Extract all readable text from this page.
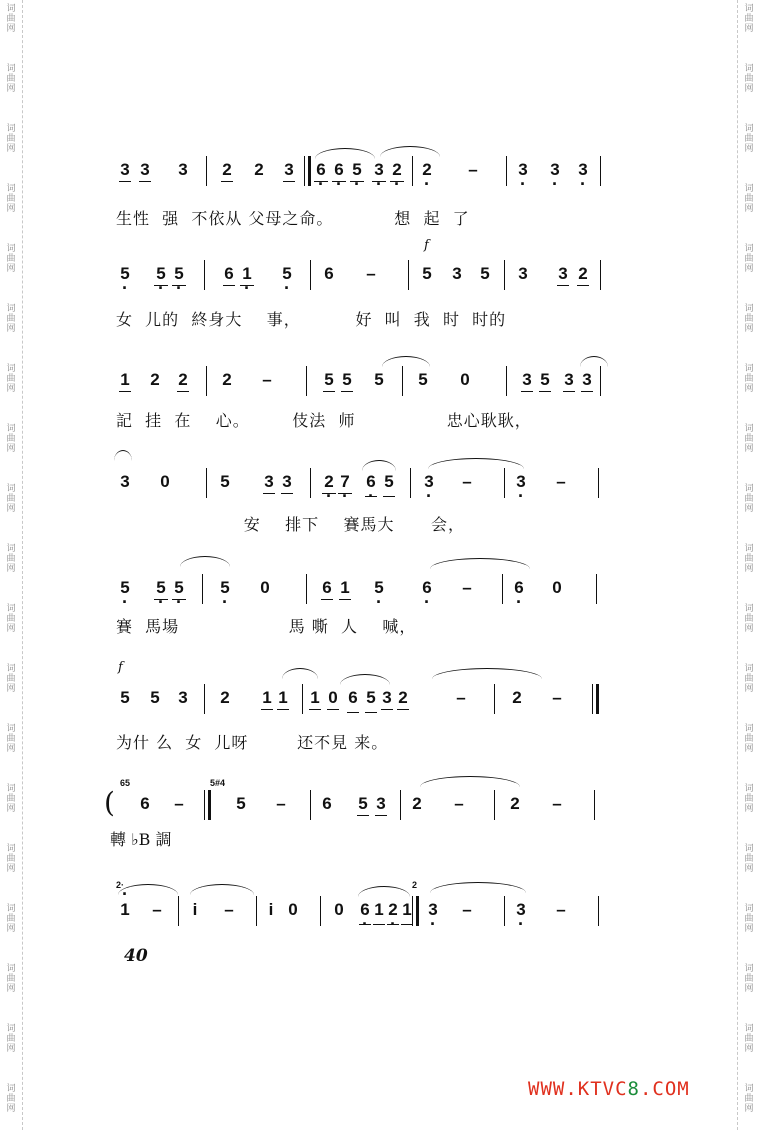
词
曲
网
词
曲
网
词
曲
网
词
曲
网
词
曲
网
词
曲
网
词
曲
网
词
曲
网
词
曲
网
词
曲
网
词
曲
网
词
曲
网
词
曲
网
词
曲
网
词
曲
网
词
曲
网
词
曲
网
词
曲
网
词
曲
网
词
曲
网
词
曲
网
词
曲
网
词
曲
网
词
曲
网
词
曲
网
词
曲
网
词
曲
网
词
曲
网
词
曲
网
词
曲
网
词
曲
网
词
曲
网
词
曲
网
词
曲
网
词
曲
网
词
曲
网
词
曲
网
词
曲
网
3 3 3 2 2 3 6 · 6 · 5 · 3 · 2 · 2 · – 3 · 3 · 3 ·
生性  强  不依从 父母之命。          想  起  了
f
5 · 5 · 5 · 6 1 · 5 · 6 –	5 3 5 3 3 2
女  儿的  終身大    事，         好  叫  我  时  时的
1 2 2 2 –	5 5 5 5 0	3 5 3 3
記  挂  在    心。       伎法  师               忠心耿耿，
3 0	5 3 3 2 · 7 · 6 · 5 3 · –	3 · –
安    排下    賽馬大      会，
5 · 5 · 5 · 5 · 0	6 1 5 · 6 · –	6 · 0
賽  馬場                  馬 嘶  人    喊，
f
5 5 3 2 1 1 1 0 6 5 3 2	–	2 –
为什 么  女  儿呀        还不見 来。
(
65	5#4
6 –	5 – 6 5 3 2 –	2 –
轉 ♭B 調
2·	2
· 1 – i – i 0 0 6 · 1 2 · 1 3 · –	3 · –
40
WWW.KTVC8.COM
